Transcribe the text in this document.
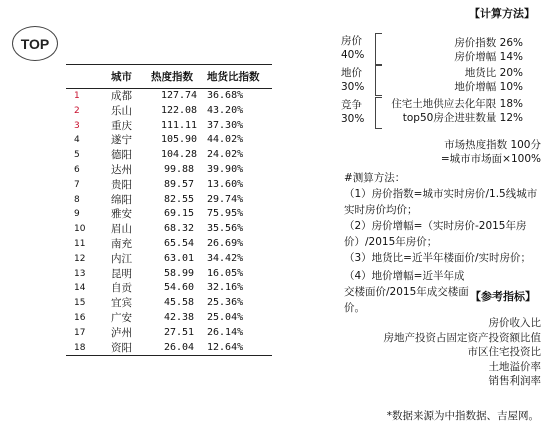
TOP
	城市	热度指数	地货比指数
1	成都	127.74	36.68%
2	乐山	122.08	43.20%
3	重庆	111.11	37.30%
4	遂宁	105.90	44.02%
5	德阳	104.28	24.02%
6	达州	99.88	39.90%
7	贵阳	89.57	13.60%
8	绵阳	82.55	29.74%
9	雅安	69.15	75.95%
10	眉山	68.32	35.56%
11	南充	65.54	26.69%
12	内江	63.01	34.42%
13	昆明	58.99	16.05%
14	自贡	54.60	32.16%
15	宜宾	45.58	25.36%
16	广安	42.38	25.04%
17	泸州	27.51	26.14%
18	资阳	26.04	12.64%
【计算方法】
房价
40%
房价指数 26%
房价增幅 14%
地价
30%
地货比 20%
地价增幅 10%
竞争
30%
住宅土地供应去化年限 18%
top50房企进驻数量 12%
市场热度指数 100分
=城市市场面×100%
#测算方法：
（1）房价指数=城市实时房价/1.5线城市实时房价均价；
（2）房价增幅=（实时房价-2015年房价）/2015年房价；
（3）地货比=近半年楼面价/实时房价；
（4）地价增幅=近半年成交楼面价/2015年成交楼面价。
【参考指标】
房价收入比
房地产投资占固定资产投资额比值
市区住宅投资比
土地溢价率
销售利润率
*数据来源为中指数据、吉屋网。
